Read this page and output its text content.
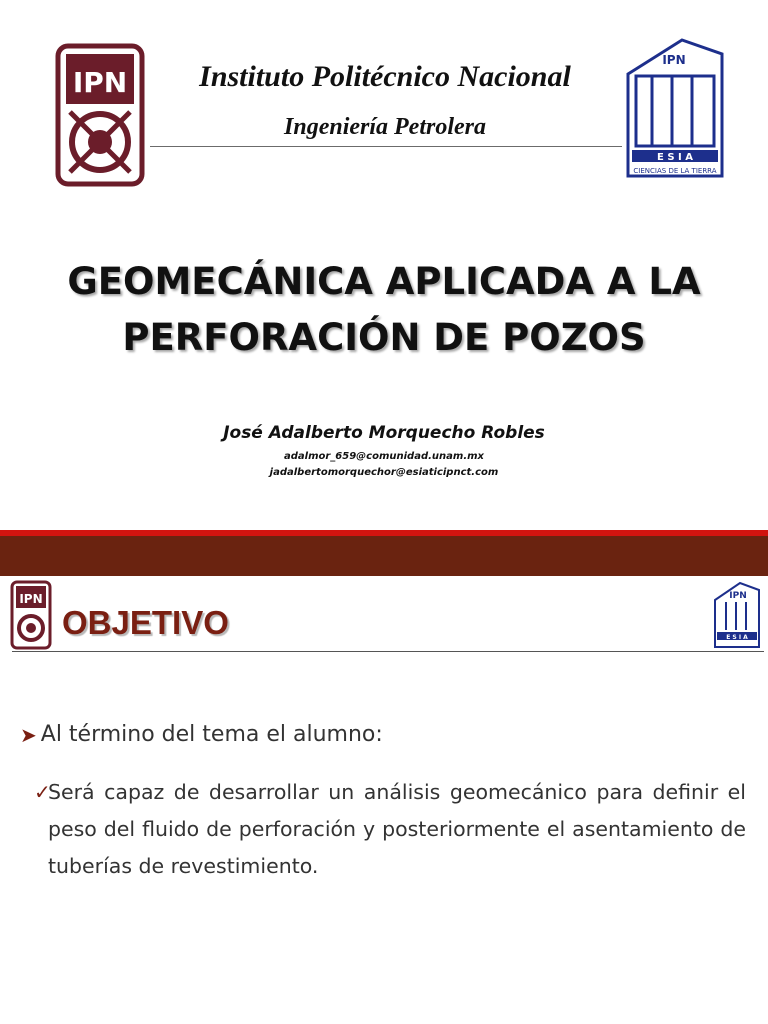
IPN	Instituto Politécnico Nacional
Ingeniería Petrolera
IPN
E S I A
CIENCIAS DE LA TIERRA
GEOMECÁNICA APLICADA A LA
PERFORACIÓN DE POZOS
José Adalberto Morquecho Robles
adalmor_659@comunidad.unam.mx
jadalbertomorquechor@esiaticipnct.com
IPN
OBJETIVO
IPN
E S I A
➤ Al término del tema el alumno:
✓
Será capaz de desarrollar un análisis geomecánico para definir el peso del fluido de perforación y posteriormente el asentamiento de tuberías de revestimiento.
